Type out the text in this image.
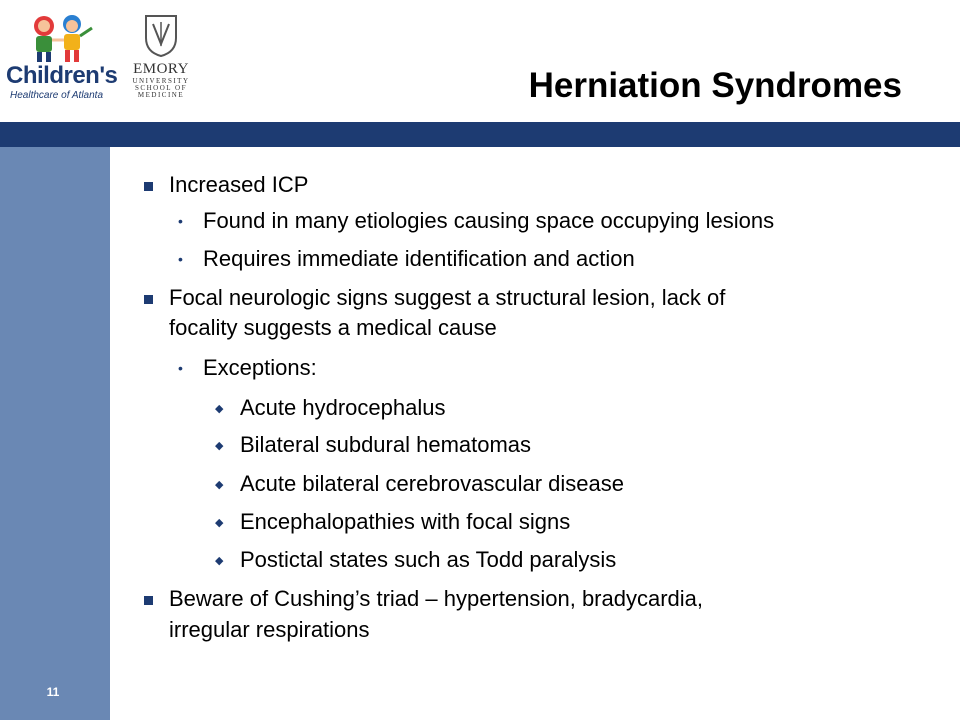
11
Children's
Healthcare of Atlanta
EMORY
UNIVERSITY
SCHOOL OF
MEDICINE	Herniation Syndromes
Increased ICP
• Found in many etiologies causing space occupying lesions
• Requires immediate identification and action
Focal neurologic signs suggest a structural lesion, lack of
focality suggests a medical cause
• Exceptions:
◆ Acute hydrocephalus
◆ Bilateral subdural hematomas
◆ Acute bilateral cerebrovascular disease
◆ Encephalopathies with focal signs
◆ Postictal states such as Todd paralysis
Beware of Cushing’s triad – hypertension, bradycardia,
irregular respirations
